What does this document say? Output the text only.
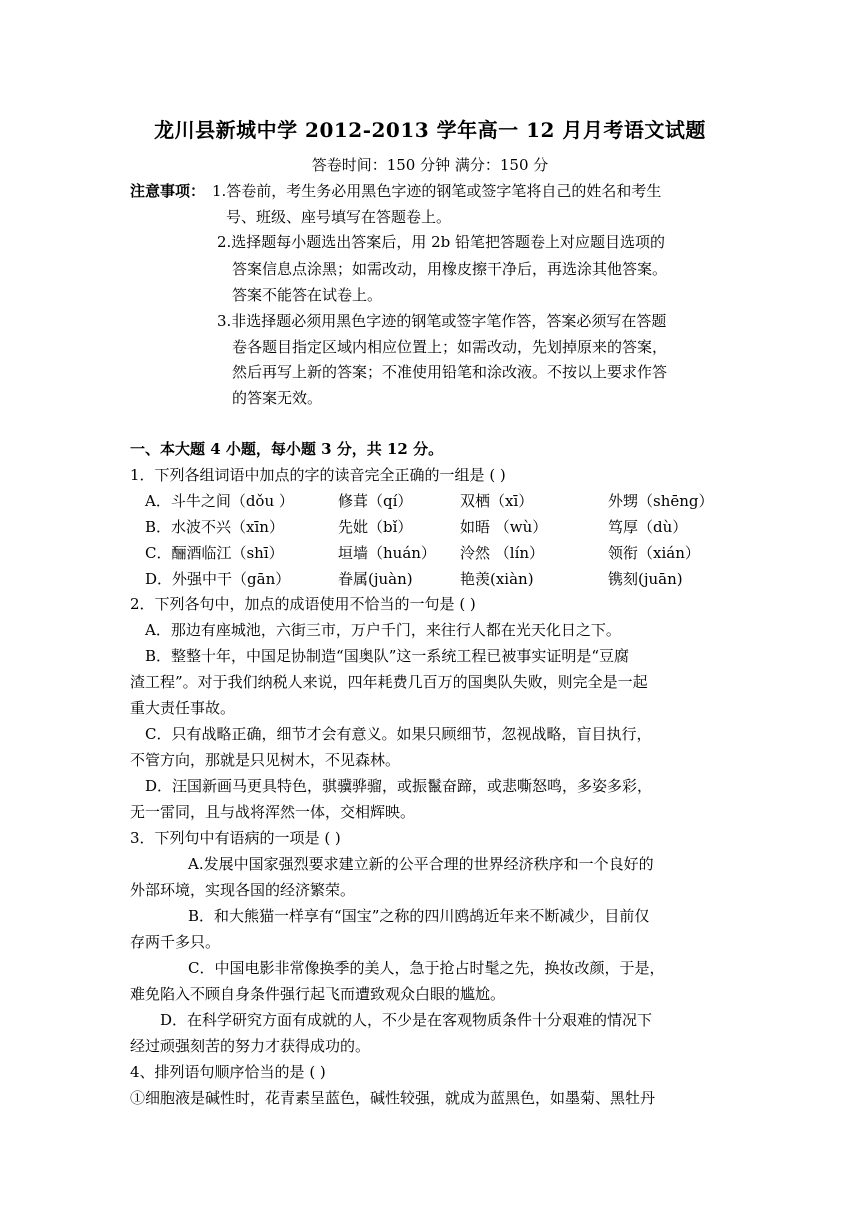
龙川县新城中学 2012-2013 学年高一 12 月月考语文试题
答卷时间：150 分钟 满分：150 分
注意事项： 1.答卷前，考生务必用黑色字迹的钢笔或签字笔将自己的姓名和考生
号、班级、座号填写在答题卷上。
2.选择题每小题选出答案后，用 2b 铅笔把答题卷上对应题目选项的
答案信息点涂黑；如需改动，用橡皮擦干净后，再选涂其他答案。
答案不能答在试卷上。
3.非选择题必须用黑色字迹的钢笔或签字笔作答，答案必须写在答题
卷各题目指定区域内相应位置上；如需改动，先划掉原来的答案，
然后再写上新的答案；不准使用铅笔和涂改液。不按以上要求作答
的答案无效。
一、本大题 4 小题，每小题 3 分，共 12 分。
1．下列各组词语中加点的字的读音完全正确的一组是 ( )
A．斗牛之间（dǒu ）	修葺（qí）	双栖（xī）	外甥（shēng）
B．水波不兴（xīn）	先妣（bǐ）	如晤 （wù）	笃厚（dù）
C．酾酒临江（shī）	垣墙（huán） 泠然 （lín）	领衔（xián）
D．外强中干（gān）	眷属(juàn)	艳羡(xiàn)	镌刻(juān)
2．下列各句中，加点的成语使用不恰当的一句是 ( )
A．那边有座城池，六街三市，万户千门，来往行人都在光天化日之下。
B．整整十年，中国足协制造“国奥队”这一系统工程已被事实证明是“豆腐
渣工程”。对于我们纳税人来说，四年耗费几百万的国奥队失败，则完全是一起
重大责任事故。
C．只有战略正确，细节才会有意义。如果只顾细节，忽视战略，盲目执行，
不管方向，那就是只见树木，不见森林。
D．汪国新画马更具特色，骐骥骅骝，或振鬣奋蹄，或悲嘶怒鸣，多姿多彩，
无一雷同，且与战将浑然一体，交相辉映。
3．下列句中有语病的一项是 ( )
A.发展中国家强烈要求建立新的公平合理的世界经济秩序和一个良好的
外部环境，实现各国的经济繁荣。
B．和大熊猫一样享有“国宝”之称的四川鸥鸪近年来不断减少，目前仅
存两千多只。
C．中国电影非常像换季的美人，急于抢占时髦之先，换妆改颜，于是，
难免陷入不顾自身条件强行起飞而遭致观众白眼的尴尬。
D．在科学研究方面有成就的人，不少是在客观物质条件十分艰难的情况下
经过顽强刻苦的努力才获得成功的。
4、排列语句顺序恰当的是 ( )
①细胞液是碱性时，花青素呈蓝色，碱性较强，就成为蓝黑色，如墨菊、黑牡丹
